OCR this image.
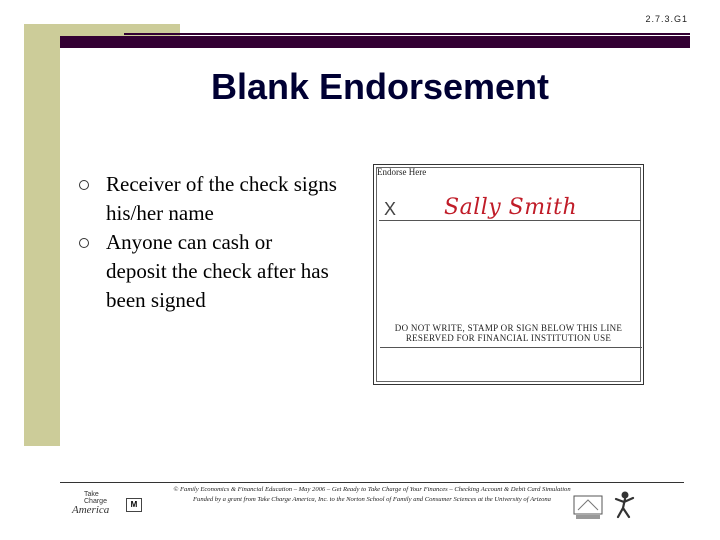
2.7.3.G1
Blank Endorsement
Receiver of the check signs his/her name
Anyone can cash or deposit the check after has been signed
Endorse Here
X Sally Smith
DO NOT WRITE, STAMP OR SIGN BELOW THIS LINE
RESERVED FOR FINANCIAL INSTITUTION USE
© Family Economics & Financial Education – May 2006 – Get Ready to Take Charge of Your Finances – Checking Account & Debit Card Simulation
Funded by a grant from Take Charge America, Inc. to the Norton School of Family and Consumer Sciences at the University of Arizona
Take
Charge
America	M
